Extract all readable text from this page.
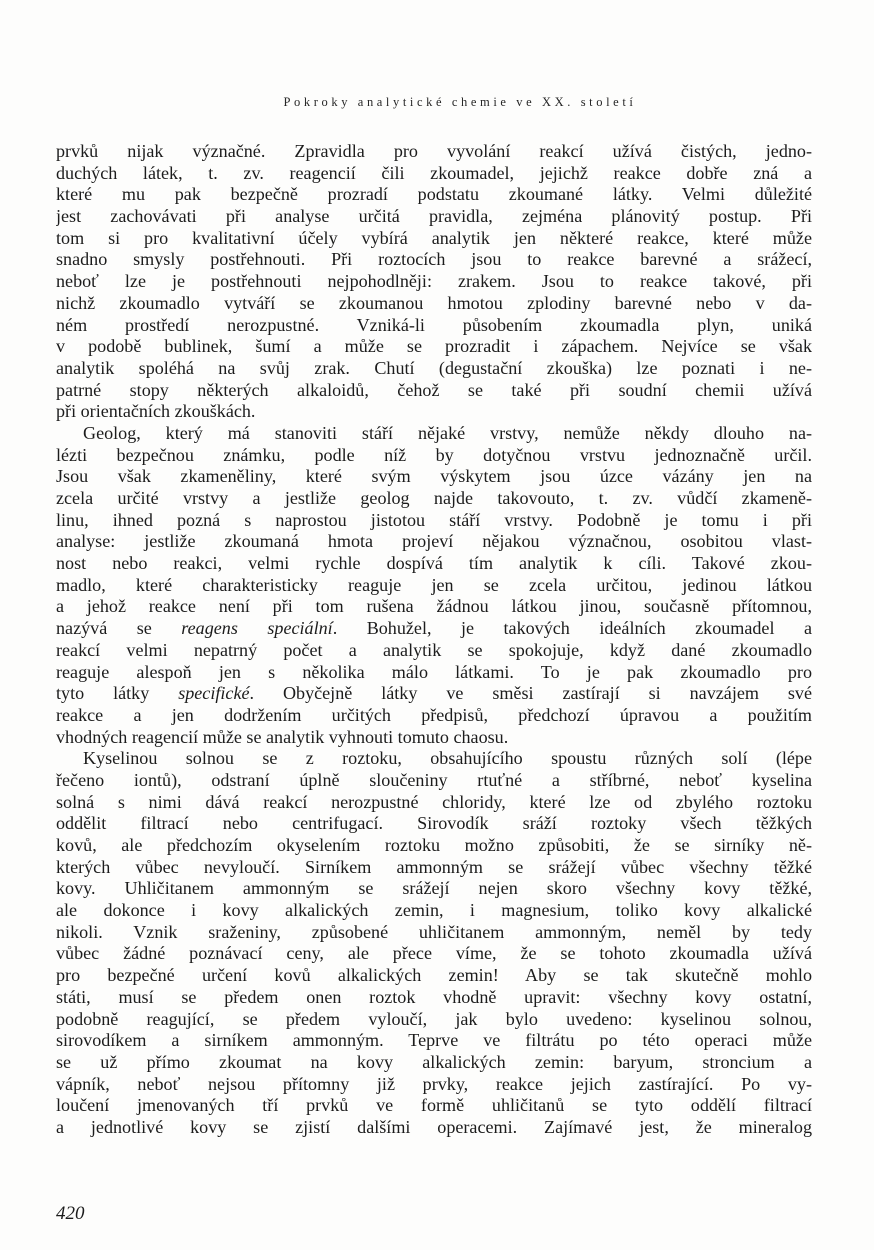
Pokroky analytické chemie ve XX. století
prvků nijak význačné. Zpravidla pro vyvolání reakcí užívá čistých, jedno-
duchých látek, t. zv. reagencií čili zkoumadel, jejichž reakce dobře zná a
které mu pak bezpečně prozradí podstatu zkoumané látky. Velmi důležité
jest zachovávati při analyse určitá pravidla, zejména plánovitý postup. Při
tom si pro kvalitativní účely vybírá analytik jen některé reakce, které může
snadno smysly postřehnouti. Při roztocích jsou to reakce barevné a srážecí,
neboť lze je postřehnouti nejpohodlněji: zrakem. Jsou to reakce takové, při
nichž zkoumadlo vytváří se zkoumanou hmotou zplodiny barevné nebo v da-
ném prostředí nerozpustné. Vzniká-li působením zkoumadla plyn, uniká
v podobě bublinek, šumí a může se prozradit i zápachem. Nejvíce se však
analytik spoléhá na svůj zrak. Chutí (degustační zkouška) lze poznati i ne-
patrné stopy některých alkaloidů, čehož se také při soudní chemii užívá
při orientačních zkouškách.
Geolog, který má stanoviti stáří nějaké vrstvy, nemůže někdy dlouho na-
lézti bezpečnou známku, podle níž by dotyčnou vrstvu jednoznačně určil.
Jsou však zkameněliny, které svým výskytem jsou úzce vázány jen na
zcela určité vrstvy a jestliže geolog najde takovouto, t. zv. vůdčí zkameně-
linu, ihned pozná s naprostou jistotou stáří vrstvy. Podobně je tomu i při
analyse: jestliže zkoumaná hmota projeví nějakou význačnou, osobitou vlast-
nost nebo reakci, velmi rychle dospívá tím analytik k cíli. Takové zkou-
madlo, které charakteristicky reaguje jen se zcela určitou, jedinou látkou
a jehož reakce není při tom rušena žádnou látkou jinou, současně přítomnou,
nazývá se reagens speciální. Bohužel, je takových ideálních zkoumadel a
reakcí velmi nepatrný počet a analytik se spokojuje, když dané zkoumadlo
reaguje alespoň jen s několika málo látkami. To je pak zkoumadlo pro
tyto látky specifické. Obyčejně látky ve směsi zastírají si navzájem své
reakce a jen dodržením určitých předpisů, předchozí úpravou a použitím
vhodných reagencií může se analytik vyhnouti tomuto chaosu.
Kyselinou solnou se z roztoku, obsahujícího spoustu různých solí (lépe
řečeno iontů), odstraní úplně sloučeniny rtuťné a stříbrné, neboť kyselina
solná s nimi dává reakcí nerozpustné chloridy, které lze od zbylého roztoku
oddělit filtrací nebo centrifugací. Sirovodík sráží roztoky všech těžkých
kovů, ale předchozím okyselením roztoku možno způsobiti, že se sirníky ně-
kterých vůbec nevyloučí. Sirníkem ammonným se srážejí vůbec všechny těžké
kovy. Uhličitanem ammonným se srážejí nejen skoro všechny kovy těžké,
ale dokonce i kovy alkalických zemin, i magnesium, toliko kovy alkalické
nikoli. Vznik sraženiny, způsobené uhličitanem ammonným, neměl by tedy
vůbec žádné poznávací ceny, ale přece víme, že se tohoto zkoumadla užívá
pro bezpečné určení kovů alkalických zemin! Aby se tak skutečně mohlo
státi, musí se předem onen roztok vhodně upravit: všechny kovy ostatní,
podobně reagující, se předem vyloučí, jak bylo uvedeno: kyselinou solnou,
sirovodíkem a sirníkem ammonným. Teprve ve filtrátu po této operaci může
se už přímo zkoumat na kovy alkalických zemin: baryum, stroncium a
vápník, neboť nejsou přítomny již prvky, reakce jejich zastírající. Po vy-
loučení jmenovaných tří prvků ve formě uhličitanů se tyto oddělí filtrací
a jednotlivé kovy se zjistí dalšími operacemi. Zajímavé jest, že mineralog
420
